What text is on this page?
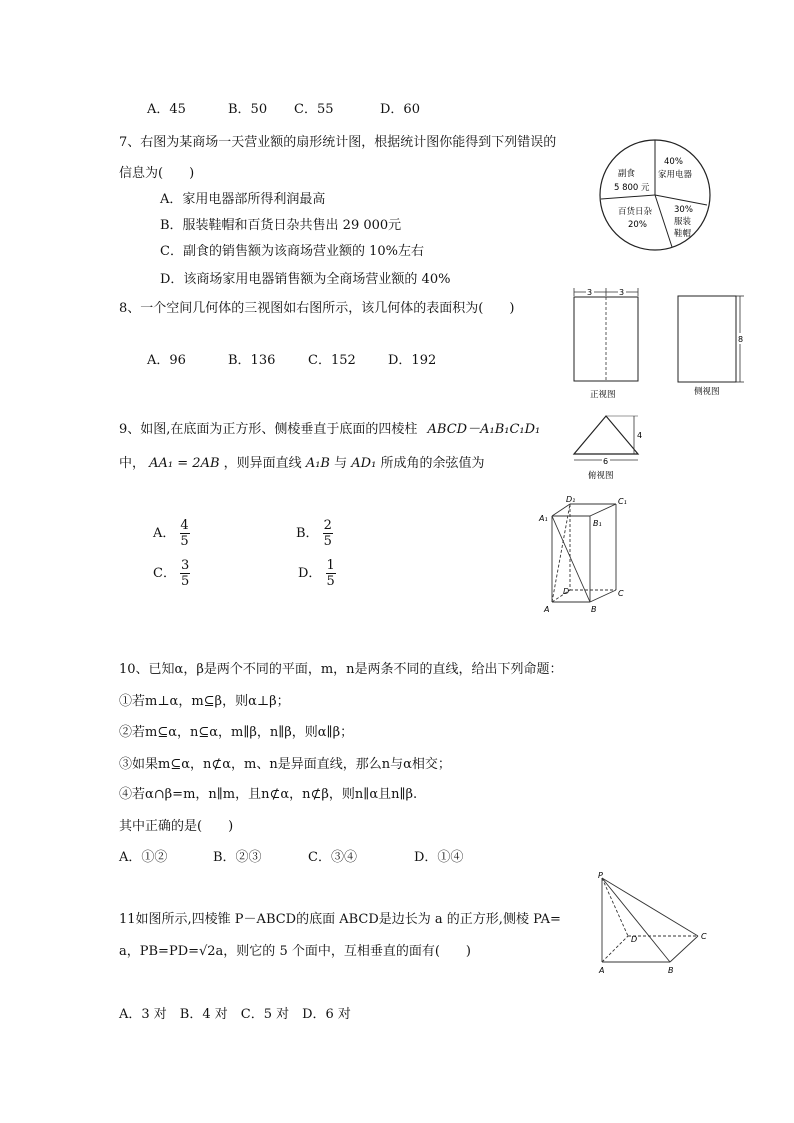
A．45	B．50 C．55	D．60
7、右图为某商场一天营业额的扇形统计图，根据统计图你能得到下列错误的
信息为(　　)
A．家用电器部所得利润最高
B．服装鞋帽和百货日杂共售出 29 000元
C．副食的销售额为该商场营业额的 10%左右
D．该商场家用电器销售额为全商场营业额的 40%
副食
5 800 元
40%
家用电器
百货日杂
20%
30%
服装
鞋帽
8、一个空间几何体的三视图如右图所示，该几何体的表面积为(　　)
A．96	B．136	C．152 D．192
3	3
正视图
8
侧视图
4
6
俯视图
9、如图,在底面为正方形、侧棱垂直于底面的四棱柱 ABCD－A₁B₁C₁D₁
中， AA₁ = 2AB ，则异面直线 A₁B 与 AD₁ 所成角的余弦值为
A． $\frac{4}{5}$	B． $\frac{2}{5}$
C． $\frac{3}{5}$	D． $\frac{1}{5}$
D₁	C₁
A₁
B₁
D	C
A	B
10、已知α，β是两个不同的平面，m，n是两条不同的直线，给出下列命题：
①若m⊥α，m⊆β，则α⊥β；
②若m⊆α，n⊆α，m∥β，n∥β，则α∥β；
③如果m⊆α，n⊄α，m、n是异面直线，那么n与α相交；
④若α∩β=m，n∥m，且n⊄α，n⊄β，则n∥α且n∥β.
其中正确的是(　　)
A．①②	B．②③	C．③④	D．①④
11如图所示,四棱锥 P－ABCD的底面 ABCD是边长为 a 的正方形,侧棱 PA=
a，PB=PD=√2a，则它的 5 个面中，互相垂直的面有(　　)
A．3 对　B．4 对　C．5 对　D．6 对
P
D	C
A	B
